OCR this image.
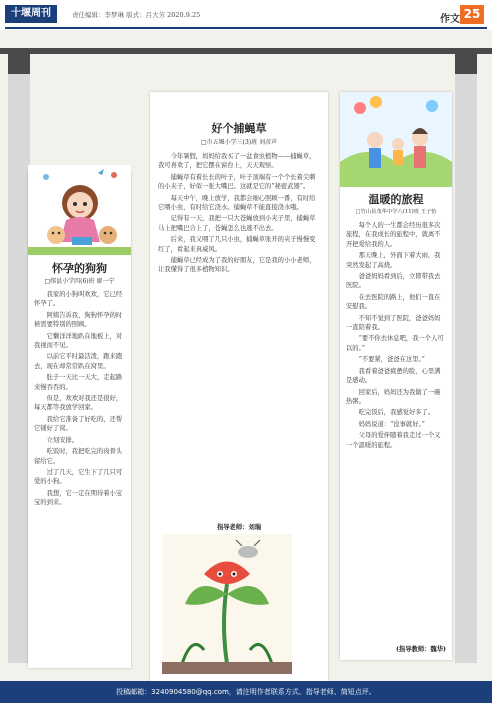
十堰周刊	责任编辑：李梦琳 版式：吕大芳 2020.9.25	作文 25
怀孕的狗狗
□郧县小学四(6)班 廖一宁

我家的小狗叫欢欢，它已经怀孕了。

阿姨告诉我，狗狗怀孕的时候需要特别的照顾。

它懒洋洋地趴在地板上，对我视而不见。

以前它平时最活泼，跑来跑去，现在却常常趴在窝里。

肚子一天比一天大，走起路来慢吞吞的。

但是，欢欢对我还是很好，每天都等我放学回家。

我给它准备了好吃的，还帮它铺好了窝。

立刻安排。

吃饭时，我把吃完的肉骨头留给它。

过了几天，它生下了几只可爱的小狗。

我想，它一定在期待着小宝宝的到来。

好个捕蝇草
□市五堰小学三(3)班 刘彦声

今年暑假，妈妈给我买了一盆食虫植物——捕蝇草，我可喜欢了，把它摆在窗台上，天天观察。

捕蝇草有着长长的叶子，叶子顶端有一个个长着尖刺的小夹子，好似一张大嘴巴。这就是它的“秘密武器”。

每天中午，晚上放学，我都会细心照顾一番，有时给它喂小虫，有时给它浇水。捕蝇草不能直接浇水哦。

记得有一天，我把一只大苍蝇放到小夹子里，捕蝇草马上把嘴巴合上了，苍蝇怎么也逃不出去。

后来，我又喂了几只小虫，捕蝇草张开的夹子慢慢变红了，看起来真威风。

捕蝇草已经成为了我的好朋友，它是我的小小老师，让我懂得了很多植物知识。

指导老师：刘瑞
温暖的旅程
□竹山县茂华中学八(11)班 王子怡

每个人的一生都会经历很多次旅程，在我成长的旅程中，就离不开把爱给我的人。

那天晚上，外面下着大雨，我突然发起了高烧。

爸爸妈妈看到后，立即带我去医院。

在去医院的路上，他们一直在安慰我。

不知不觉到了医院，爸爸妈妈一直陪着我。

“要不你去休息吧，我一个人可以的。”

“不要紧，爸爸在这里。”

我看着爸爸疲惫的脸，心里满是感动。

回家后，妈妈还为我做了一碗热粥。

吃完饭后，我感觉好多了。

妈妈说道：“没事就好。”

父母的爱伴随着我走过一个又一个温暖的旅程。

(指导教师：魏华)
投稿邮箱：3240904580@qq.com，请注明作者联系方式、指导老师、简短点评。
